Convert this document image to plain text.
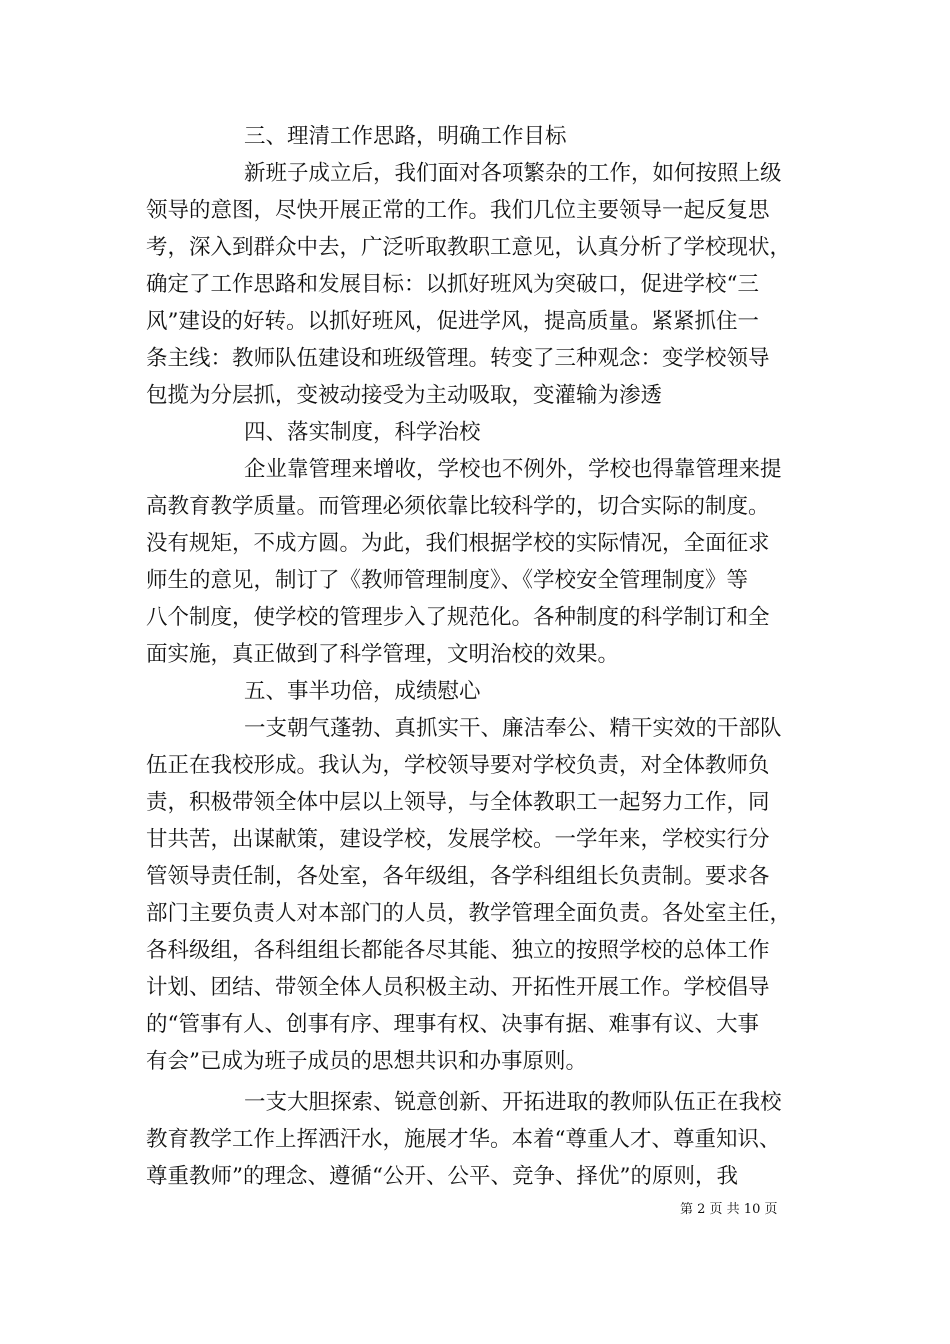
三、理清工作思路，明确工作目标
新班子成立后，我们面对各项繁杂的工作，如何按照上级
领导的意图，尽快开展正常的工作。我们几位主要领导一起反复思
考，深入到群众中去，广泛听取教职工意见，认真分析了学校现状，
确定了工作思路和发展目标：以抓好班风为突破口，促进学校“三
风”建设的好转。以抓好班风，促进学风，提高质量。紧紧抓住一
条主线：教师队伍建设和班级管理。转变了三种观念：变学校领导
包揽为分层抓，变被动接受为主动吸取，变灌输为渗透
四、落实制度，科学治校
企业靠管理来增收，学校也不例外，学校也得靠管理来提
高教育教学质量。而管理必须依靠比较科学的，切合实际的制度。
没有规矩，不成方圆。为此，我们根据学校的实际情况，全面征求
师生的意见，制订了《教师管理制度》、《学校安全管理制度》等
八个制度，使学校的管理步入了规范化。各种制度的科学制订和全
面实施，真正做到了科学管理，文明治校的效果。
五、事半功倍，成绩慰心
一支朝气蓬勃、真抓实干、廉洁奉公、精干实效的干部队
伍正在我校形成。我认为，学校领导要对学校负责，对全体教师负
责，积极带领全体中层以上领导，与全体教职工一起努力工作，同
甘共苦，出谋献策，建设学校，发展学校。一学年来，学校实行分
管领导责任制，各处室，各年级组，各学科组组长负责制。要求各
部门主要负责人对本部门的人员，教学管理全面负责。各处室主任，
各科级组，各科组组长都能各尽其能、独立的按照学校的总体工作
计划、团结、带领全体人员积极主动、开拓性开展工作。学校倡导
的“管事有人、创事有序、理事有权、决事有据、难事有议、大事
有会”已成为班子成员的思想共识和办事原则。
一支大胆探索、锐意创新、开拓进取的教师队伍正在我校
教育教学工作上挥洒汗水，施展才华。本着“尊重人才、尊重知识、
尊重教师”的理念、遵循“公开、公平、竞争、择优”的原则，我
第 2 页 共 10 页
